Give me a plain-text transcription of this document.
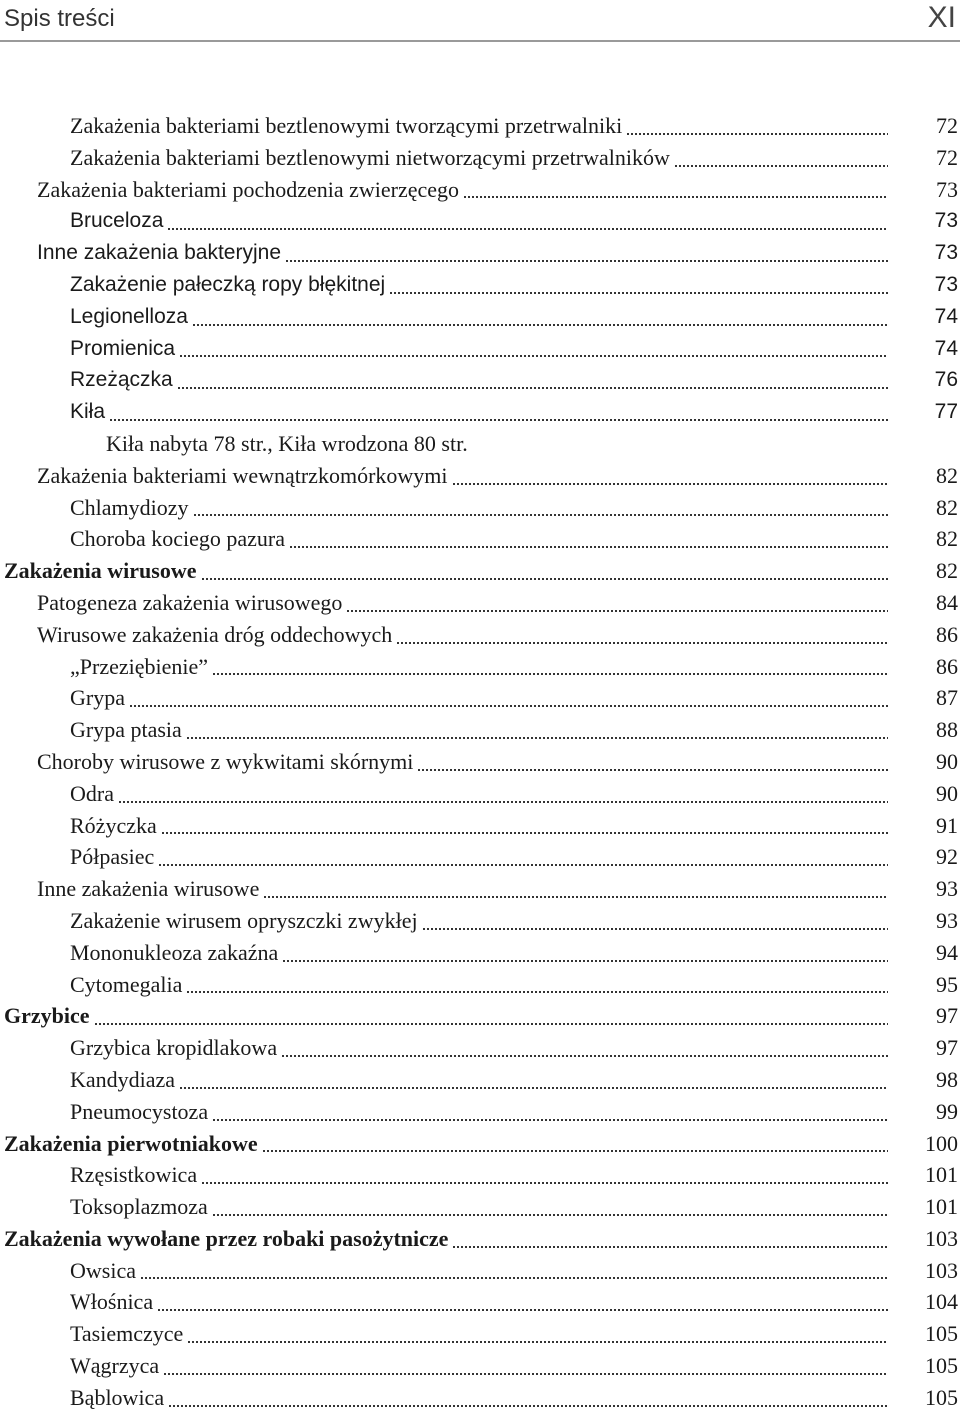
Spis treści	XI
Zakażenia bakteriami beztlenowymi tworzącymi przetrwalniki	72
Zakażenia bakteriami beztlenowymi nietworzącymi przetrwalników	72
Zakażenia bakteriami pochodzenia zwierzęcego	73
Bruceloza	73
Inne zakażenia bakteryjne	73
Zakażenie pałeczką ropy błękitnej	73
Legionelloza	74
Promienica	74
Rzeżączka	76
Kiła	77
Kiła nabyta 78 str., Kiła wrodzona 80 str.
Zakażenia bakteriami wewnątrzkomórkowymi	82
Chlamydiozy	82
Choroba kociego pazura	82
Zakażenia wirusowe	82
Patogeneza zakażenia wirusowego	84
Wirusowe zakażenia dróg oddechowych	86
„Przeziębienie”	86
Grypa	87
Grypa ptasia	88
Choroby wirusowe z wykwitami skórnymi	90
Odra	90
Różyczka	91
Półpasiec	92
Inne zakażenia wirusowe	93
Zakażenie wirusem opryszczki zwykłej	93
Mononukleoza zakaźna	94
Cytomegalia	95
Grzybice	97
Grzybica kropidlakowa	97
Kandydiaza	98
Pneumocystoza	99
Zakażenia pierwotniakowe	100
Rzęsistkowica	101
Toksoplazmoza	101
Zakażenia wywołane przez robaki pasożytnicze	103
Owsica	103
Włośnica	104
Tasiemczyce	105
Wągrzyca	105
Bąblowica	105
